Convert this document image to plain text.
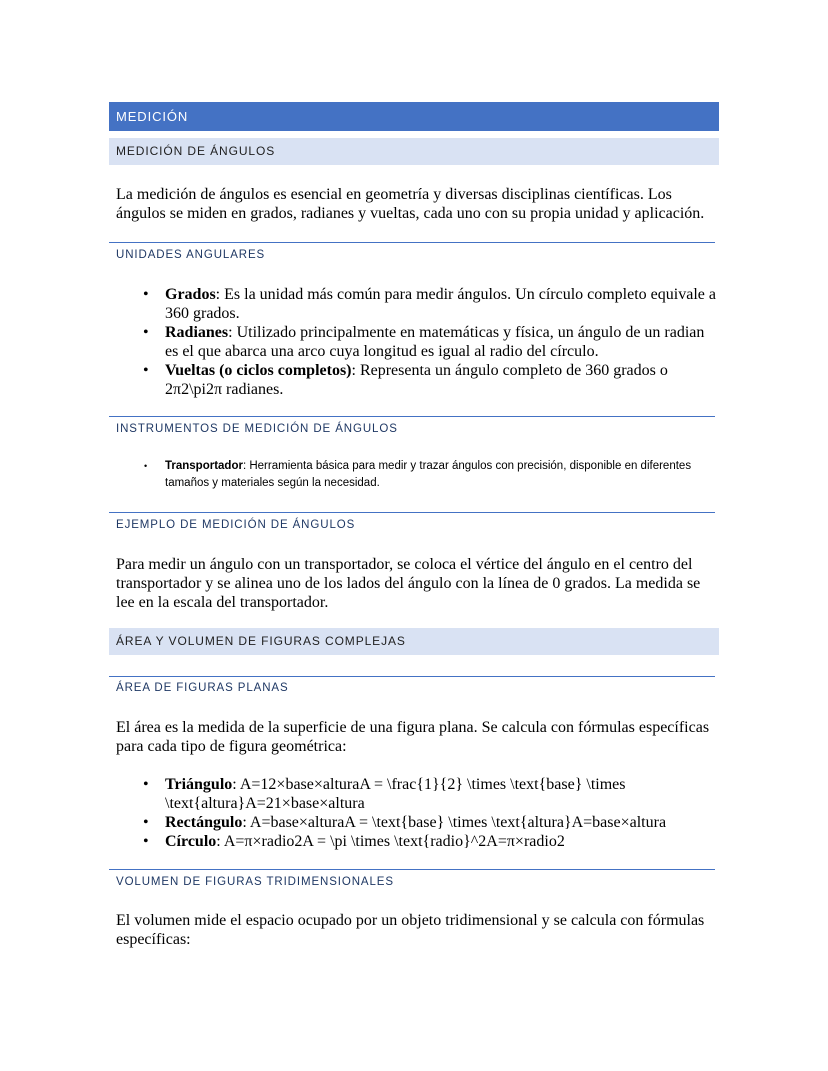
MEDICIÓN
MEDICIÓN DE ÁNGULOS

La medición de ángulos es esencial en geometría y diversas disciplinas científicas. Los ángulos se miden en grados, radianes y vueltas, cada uno con su propia unidad y aplicación.

UNIDADES ANGULARES
• Grados: Es la unidad más común para medir ángulos. Un círculo completo equivale a 360 grados.
• Radianes: Utilizado principalmente en matemáticas y física, un ángulo de un radian es el que abarca una arco cuya longitud es igual al radio del círculo.
• Vueltas (o ciclos completos): Representa un ángulo completo de 360 grados o 2π2\pi2π radianes.
INSTRUMENTOS DE MEDICIÓN DE ÁNGULOS
• Transportador: Herramienta básica para medir y trazar ángulos con precisión, disponible en diferentes tamaños y materiales según la necesidad.
EJEMPLO DE MEDICIÓN DE ÁNGULOS

Para medir un ángulo con un transportador, se coloca el vértice del ángulo en el centro del transportador y se alinea uno de los lados del ángulo con la línea de 0 grados. La medida se lee en la escala del transportador.

ÁREA Y VOLUMEN DE FIGURAS COMPLEJAS
ÁREA DE FIGURAS PLANAS

El área es la medida de la superficie de una figura plana. Se calcula con fórmulas específicas para cada tipo de figura geométrica:

• Triángulo: A=12×base×alturaA = \frac{1}{2} \times \text{base} \times \text{altura}A=21×base×altura
• Rectángulo: A=base×alturaA = \text{base} \times \text{altura}A=base×altura
• Círculo: A=π×radio2A = \pi \times \text{radio}^2A=π×radio2
VOLUMEN DE FIGURAS TRIDIMENSIONALES

El volumen mide el espacio ocupado por un objeto tridimensional y se calcula con fórmulas específicas:
